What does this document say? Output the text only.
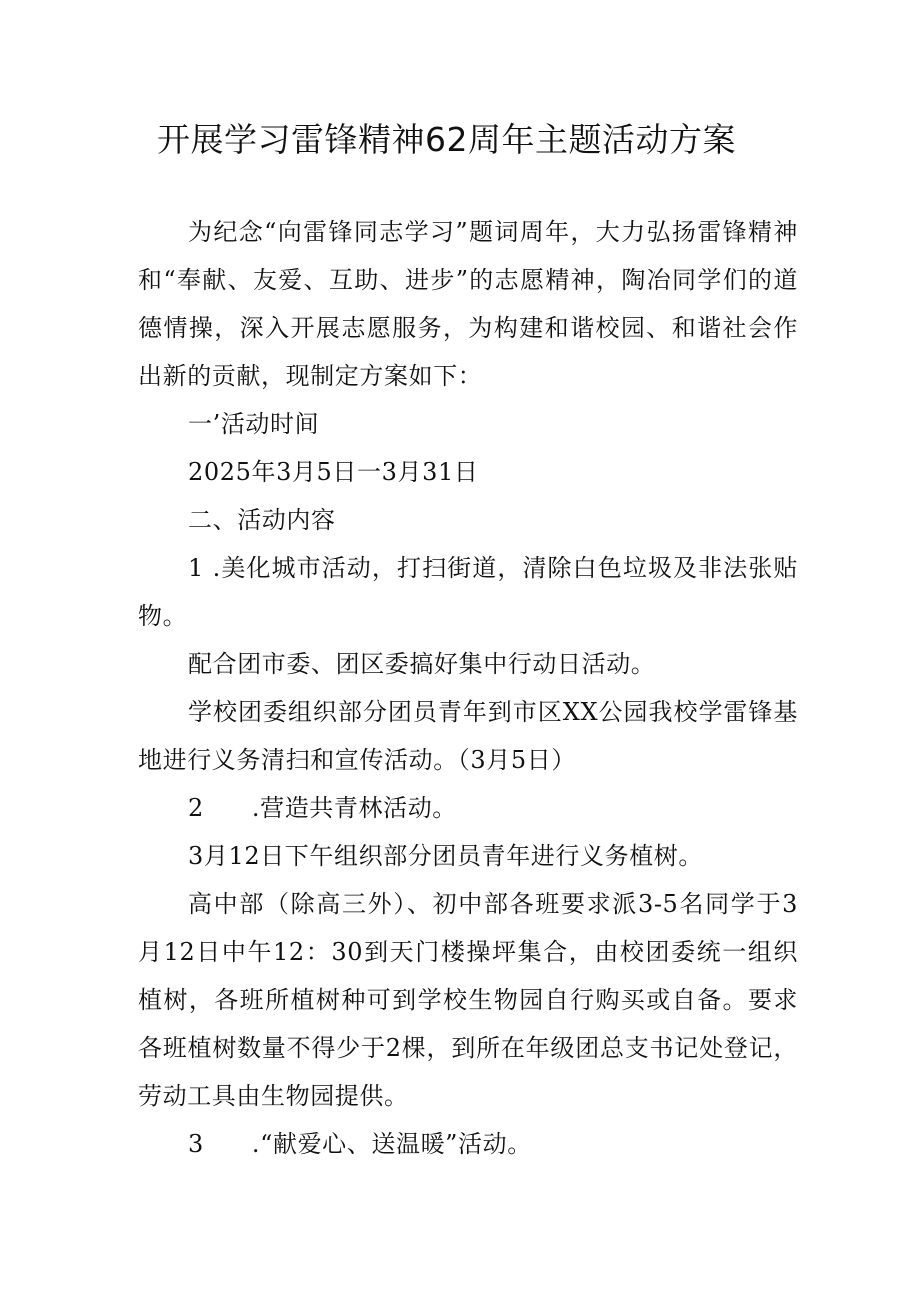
开展学习雷锋精神62周年主题活动方案

为纪念“向雷锋同志学习”题词周年，大力弘扬雷锋精神和“奉献、友爱、互助、进步”的志愿精神，陶冶同学们的道德情操，深入开展志愿服务，为构建和谐校园、和谐社会作出新的贡献，现制定方案如下：

一’活动时间

2025年3月5日一3月31日

二、活动内容

1 .美化城市活动，打扫街道，清除白色垃圾及非法张贴物。

配合团市委、团区委搞好集中行动日活动。

学校团委组织部分团员青年到市区XX公园我校学雷锋基地进行义务清扫和宣传活动。（3月5日）

2 .营造共青林活动。

3月12日下午组织部分团员青年进行义务植树。

高中部（除高三外）、初中部各班要求派3-5名同学于3月12日中午12：30到天门楼操坪集合，由校团委统一组织植树，各班所植树种可到学校生物园自行购买或自备。要求各班植树数量不得少于2棵，到所在年级团总支书记处登记，劳动工具由生物园提供。

3 .“献爱心、送温暖”活动。
